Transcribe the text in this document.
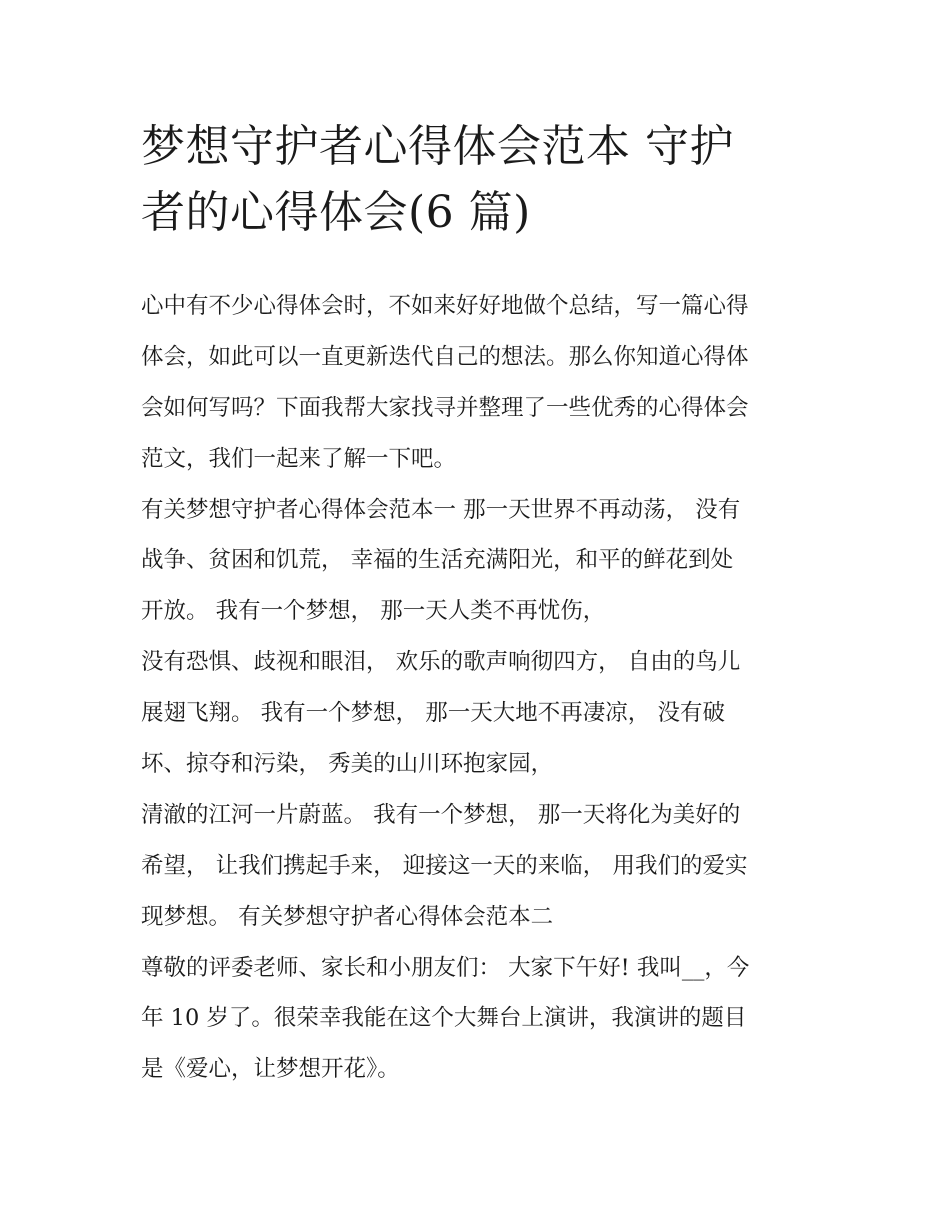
梦想守护者心得体会范本 守护
者的心得体会(6 篇)
心中有不少心得体会时，不如来好好地做个总结，写一篇心得
体会，如此可以一直更新迭代自己的想法。那么你知道心得体
会如何写吗？下面我帮大家找寻并整理了一些优秀的心得体会
范文，我们一起来了解一下吧。
有关梦想守护者心得体会范本一 那一天世界不再动荡， 没有
战争、贫困和饥荒， 幸福的生活充满阳光，和平的鲜花到处
开放。 我有一个梦想， 那一天人类不再忧伤，
没有恐惧、歧视和眼泪， 欢乐的歌声响彻四方， 自由的鸟儿
展翅飞翔。 我有一个梦想， 那一天大地不再凄凉， 没有破
坏、掠夺和污染， 秀美的山川环抱家园，
清澈的江河一片蔚蓝。 我有一个梦想， 那一天将化为美好的
希望， 让我们携起手来， 迎接这一天的来临， 用我们的爱实
现梦想。 有关梦想守护者心得体会范本二
尊敬的评委老师、家长和小朋友们： 大家下午好! 我叫__，今
年 10 岁了。很荣幸我能在这个大舞台上演讲，我演讲的题目
是《爱心，让梦想开花》。
